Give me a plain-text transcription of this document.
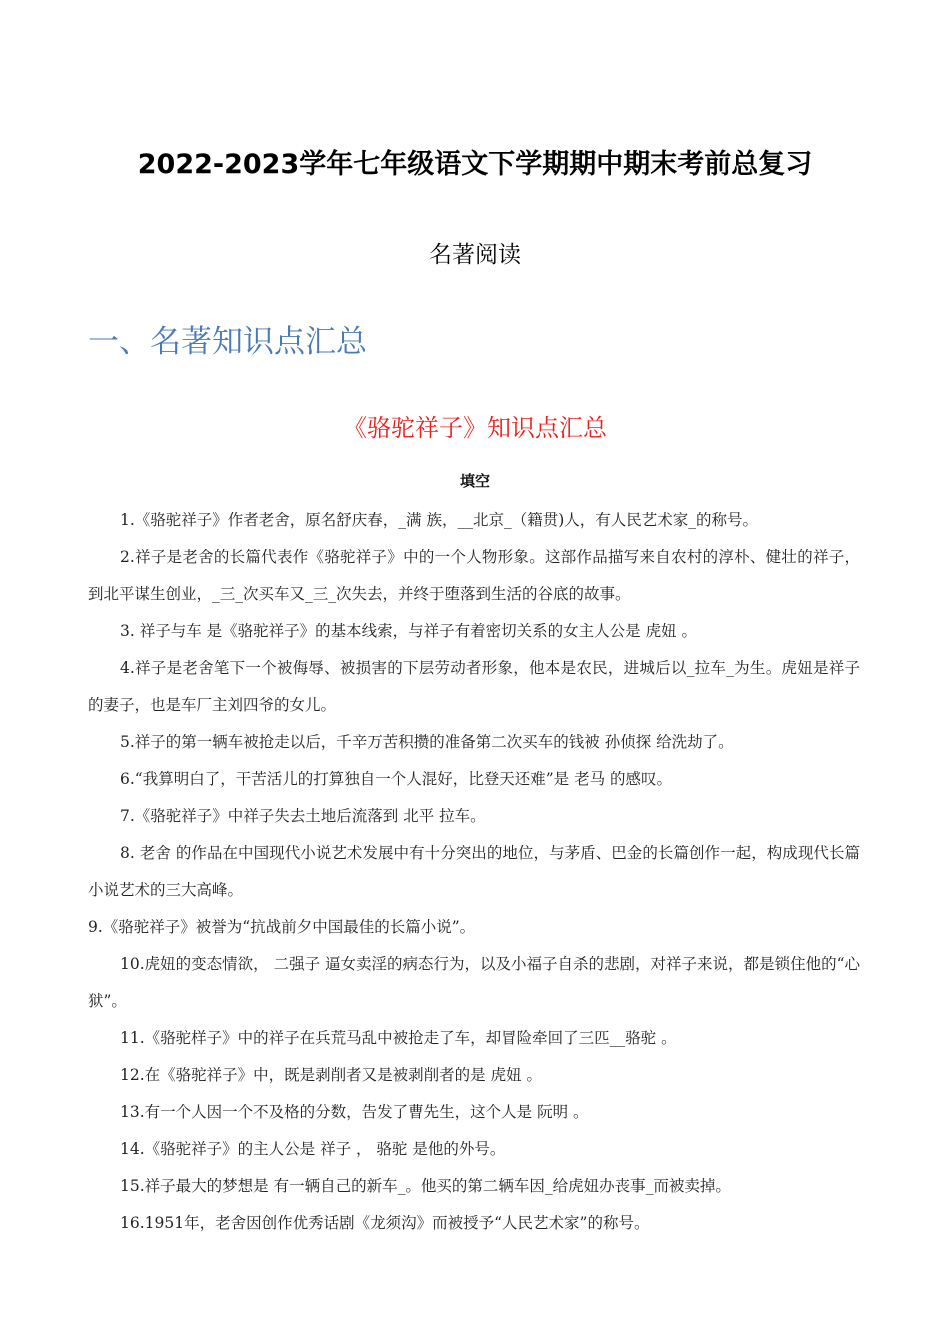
2022-2023学年七年级语文下学期期中期末考前总复习
名著阅读
一、名著知识点汇总
《骆驼祥子》知识点汇总
填空

1.《骆驼祥子》作者老舍，原名舒庆春，_满 族，__北京_（籍贯)人，有人民艺术家_的称号。

2.祥子是老舍的长篇代表作《骆驼祥子》中的一个人物形象。这部作品描写来自农村的淳朴、健壮的祥子，到北平谋生创业，_三_次买车又_三_次失去，并终于堕落到生活的谷底的故事。

3. 祥子与车 是《骆驼祥子》的基本线索，与祥子有着密切关系的女主人公是 虎妞 。

4.祥子是老舍笔下一个被侮辱、被损害的下层劳动者形象，他本是农民，进城后以_拉车_为生。虎妞是祥子的妻子，也是车厂主刘四爷的女儿。

5.祥子的第一辆车被抢走以后，千辛万苦积攒的准备第二次买车的钱被 孙侦探 给洗劫了。

6.“我算明白了，干苦活儿的打算独自一个人混好，比登天还难”是 老马 的感叹。

7.《骆驼祥子》中祥子失去土地后流落到 北平 拉车。

8. 老舍 的作品在中国现代小说艺术发展中有十分突出的地位，与茅盾、巴金的长篇创作一起，构成现代长篇小说艺术的三大高峰。

9.《骆驼祥子》被誉为“抗战前夕中国最佳的长篇小说”。

10.虎妞的变态情欲， 二强子 逼女卖淫的病态行为，以及小福子自杀的悲剧，对祥子来说，都是锁住他的“心狱”。

11.《骆驼样子》中的祥子在兵荒马乱中被抢走了车，却冒险牵回了三匹__骆驼 。

12.在《骆驼祥子》中，既是剥削者又是被剥削者的是 虎妞 。

13.有一个人因一个不及格的分数，告发了曹先生，这个人是 阮明 。

14.《骆驼祥子》的主人公是 祥子 ， 骆驼 是他的外号。

15.祥子最大的梦想是 有一辆自己的新车_。他买的第二辆车因_给虎妞办丧事_而被卖掉。

16.1951年，老舍因创作优秀话剧《龙须沟》而被授予“人民艺术家”的称号。
